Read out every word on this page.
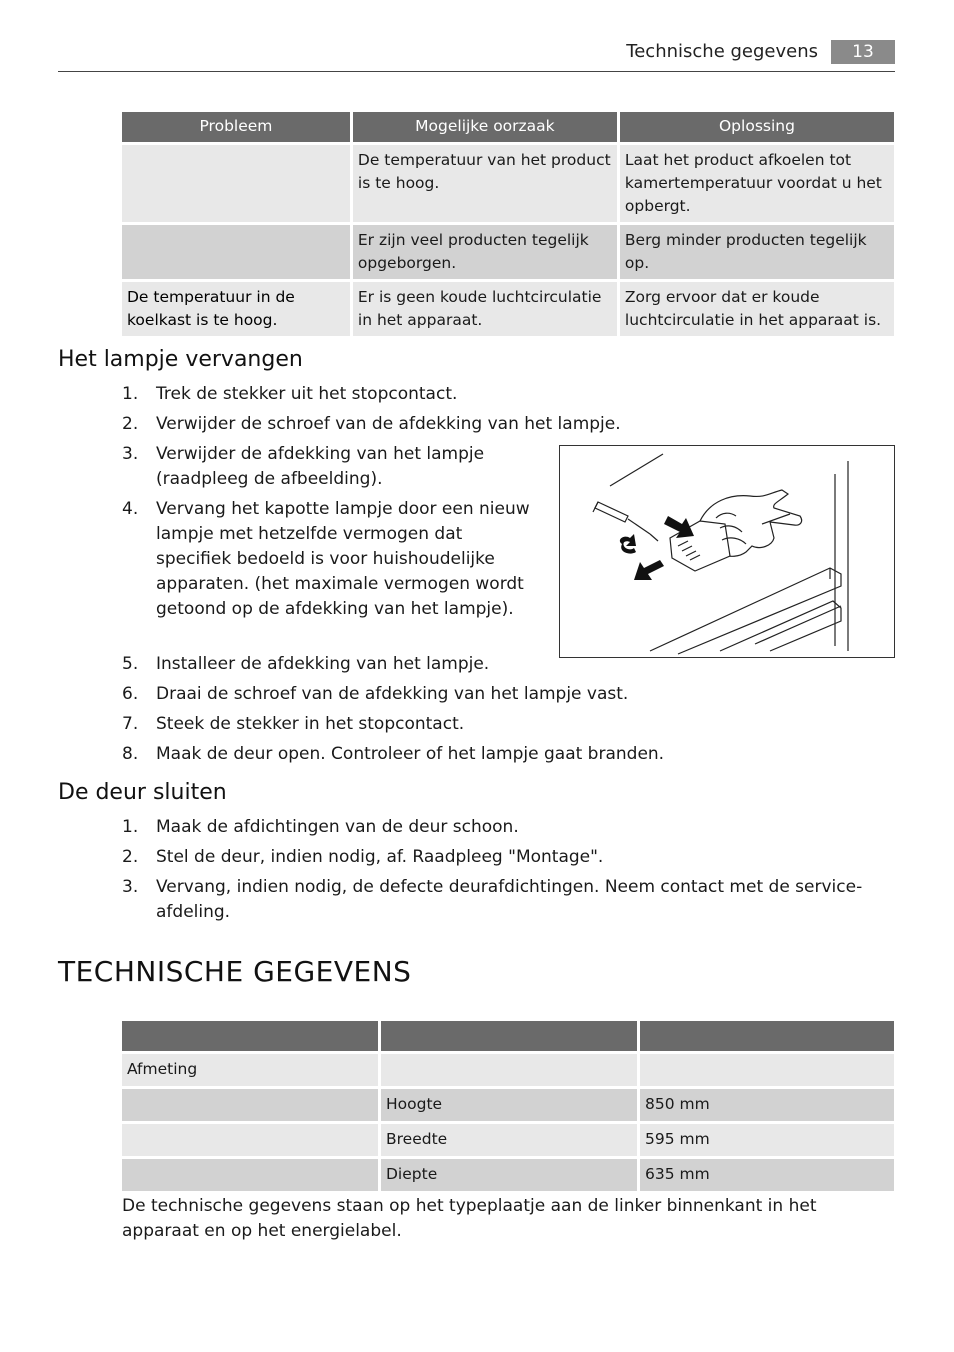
Technische gegevens	13
Probleem	Mogelijke oorzaak	Oplossing
	De temperatuur van het product is te hoog.	Laat het product afkoelen tot kamertemperatuur voordat u het opbergt.
	Er zijn veel producten tegelijk opgeborgen.	Berg minder producten tegelijk op.
De temperatuur in de koelkast is te hoog.	Er is geen koude luchtcirculatie in het apparaat.	Zorg ervoor dat er koude luchtcirculatie in het apparaat is.
Het lampje vervangen
1. Trek de stekker uit het stopcontact.
2. Verwijder de schroef van de afdekking van het lampje.
3. Verwijder de afdekking van het lampje (raadpleeg de afbeelding).
4. Vervang het kapotte lampje door een nieuw lampje met hetzelfde vermogen dat specifiek bedoeld is voor huishoudelijke apparaten. (het maximale vermogen wordt getoond op de afdekking van het lampje).
5. Installeer de afdekking van het lampje.
6. Draai de schroef van de afdekking van het lampje vast.
7. Steek de stekker in het stopcontact.
8. Maak de deur open. Controleer of het lampje gaat branden.
De deur sluiten
1. Maak de afdichtingen van de deur schoon.
2. Stel de deur, indien nodig, af. Raadpleeg "Montage".
3. Vervang, indien nodig, de defecte deurafdichtingen. Neem contact met de service-afdeling.
TECHNISCHE GEGEVENS

Afmeting		
	Hoogte	850 mm
	Breedte	595 mm
	Diepte	635 mm

De technische gegevens staan op het typeplaatje aan de linker binnenkant in het apparaat en op het energielabel.
